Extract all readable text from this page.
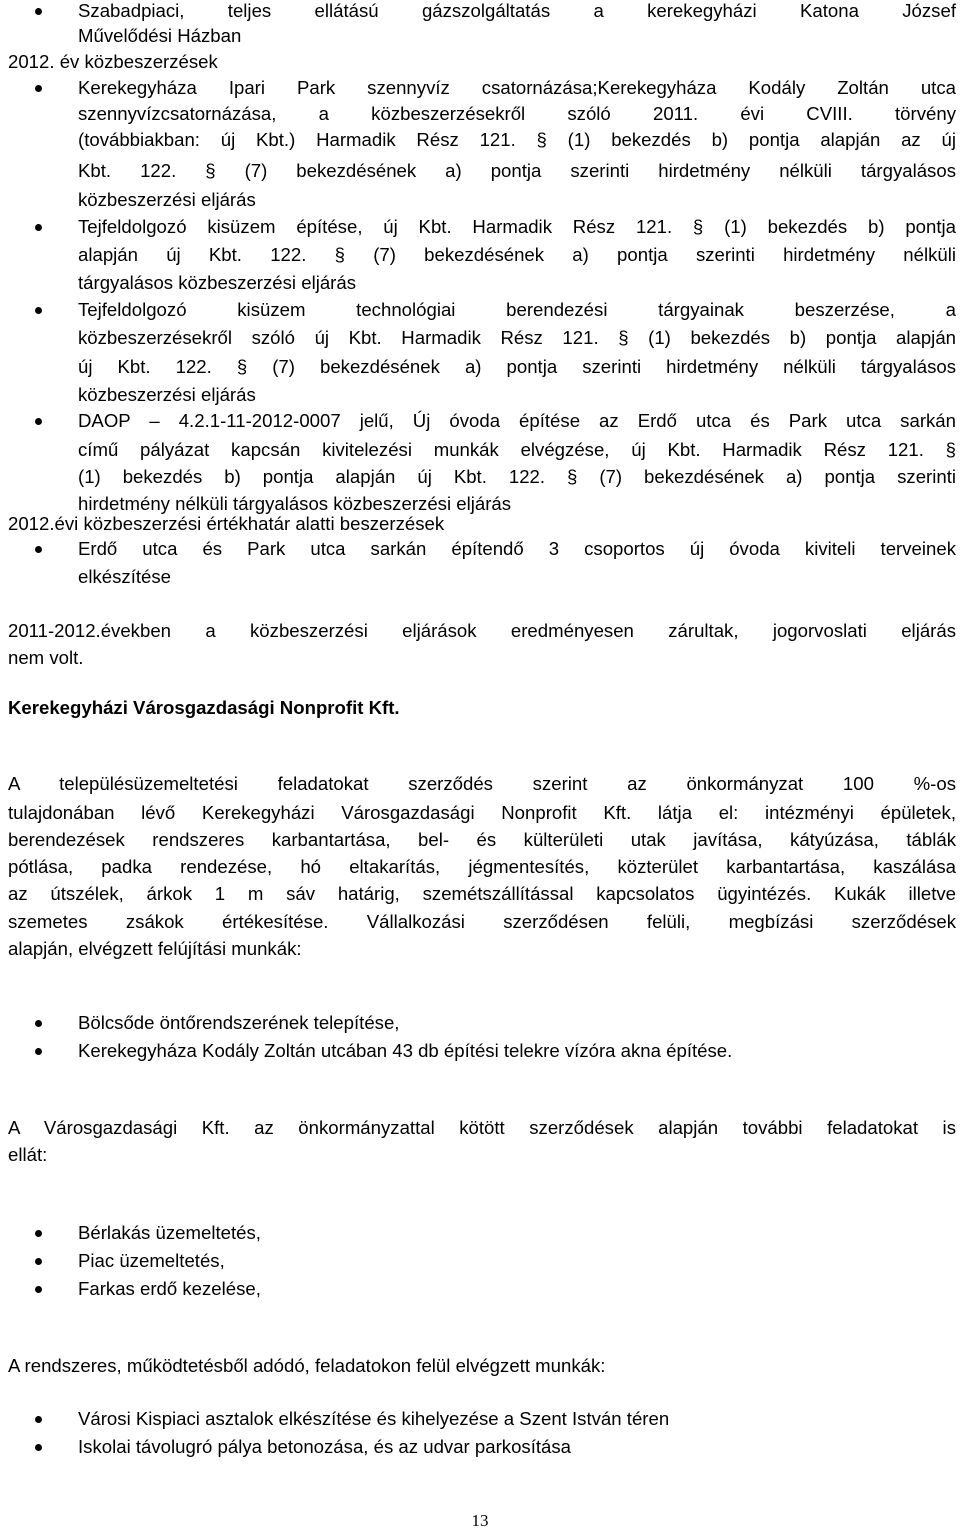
Szabadpiaci, teljes ellátású gázszolgáltatás a kerekegyházi Katona József
Művelődési Házban
2012. év közbeszerzések
Kerekegyháza Ipari Park szennyvíz csatornázása;Kerekegyháza Kodály Zoltán utca
szennyvízcsatornázása, a közbeszerzésekről szóló 2011. évi CVIII. törvény
(továbbiakban: új Kbt.) Harmadik Rész 121. § (1) bekezdés b) pontja alapján az új
Kbt. 122. § (7) bekezdésének a) pontja szerinti hirdetmény nélküli tárgyalásos
közbeszerzési eljárás
Tejfeldolgozó kisüzem építése, új Kbt. Harmadik Rész 121. § (1) bekezdés b) pontja
alapján új Kbt. 122. § (7) bekezdésének a) pontja szerinti hirdetmény nélküli
tárgyalásos közbeszerzési eljárás
Tejfeldolgozó kisüzem technológiai berendezési tárgyainak beszerzése, a
közbeszerzésekről szóló új Kbt. Harmadik Rész 121. § (1) bekezdés b) pontja alapján
új Kbt. 122. § (7) bekezdésének a) pontja szerinti hirdetmény nélküli tárgyalásos
közbeszerzési eljárás
DAOP – 4.2.1-11-2012-0007 jelű, Új óvoda építése az Erdő utca és Park utca sarkán
című pályázat kapcsán kivitelezési munkák elvégzése, új Kbt. Harmadik Rész 121. §
(1) bekezdés b) pontja alapján új Kbt. 122. § (7) bekezdésének a) pontja szerinti
hirdetmény nélküli tárgyalásos közbeszerzési eljárás
2012.évi közbeszerzési értékhatár alatti beszerzések
Erdő utca és Park utca sarkán építendő 3 csoportos új óvoda kiviteli terveinek
elkészítése
2011-2012.években a közbeszerzési eljárások eredményesen zárultak, jogorvoslati eljárás
nem volt.
Kerekegyházi Városgazdasági Nonprofit Kft.
A településüzemeltetési feladatokat szerződés szerint az önkormányzat 100 %-os
tulajdonában lévő Kerekegyházi Városgazdasági Nonprofit Kft. látja el: intézményi épületek,
berendezések rendszeres karbantartása, bel- és külterületi utak javítása, kátyúzása, táblák
pótlása, padka rendezése, hó eltakarítás, jégmentesítés, közterület karbantartása, kaszálása
az útszélek, árkok 1 m sáv határig, szemétszállítással kapcsolatos ügyintézés. Kukák illetve
szemetes zsákok értékesítése. Vállalkozási szerződésen felüli, megbízási szerződések
alapján, elvégzett felújítási munkák:
Bölcsőde öntőrendszerének telepítése,
Kerekegyháza Kodály Zoltán utcában 43 db építési telekre vízóra akna építése.
A Városgazdasági Kft. az önkormányzattal kötött szerződések alapján további feladatokat is
ellát:
Bérlakás üzemeltetés,
Piac üzemeltetés,
Farkas erdő kezelése,
A rendszeres, működtetésből adódó, feladatokon felül elvégzett munkák:
Városi Kispiaci asztalok elkészítése és kihelyezése a Szent István téren
Iskolai távolugró pálya betonozása, és az udvar parkosítása
13
